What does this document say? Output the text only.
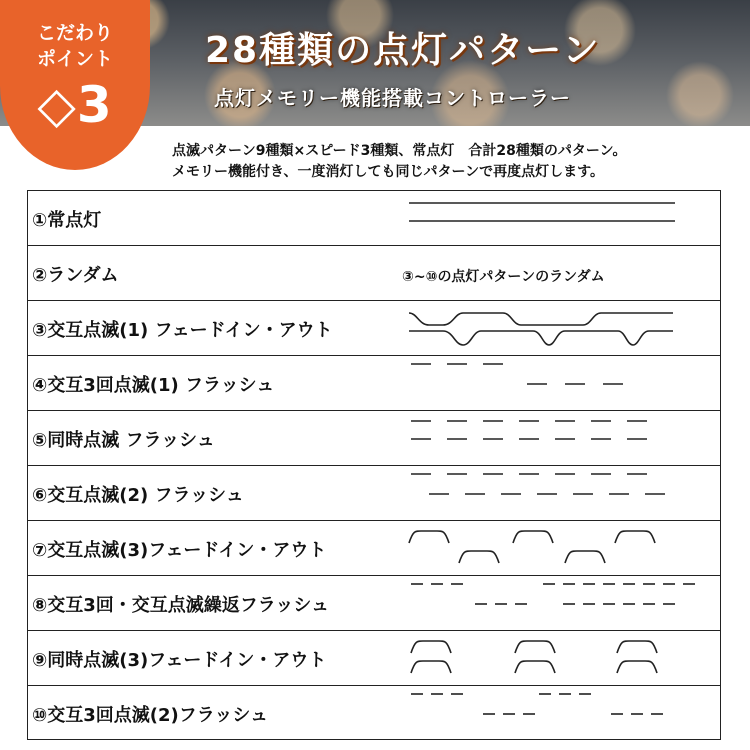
こだわり
ポイント
◇3
28種類の点灯パターン
点灯メモリー機能搭載コントローラー
点滅パターン9種類×スピード3種類、常点灯　合計28種類のパターン。
メモリー機能付き、一度消灯しても同じパターンで再度点灯します。
①常点灯
②ランダム	③~⑩の点灯パターンのランダム
③交互点滅(1) フェードイン・アウト
④交互3回点滅(1) フラッシュ
⑤同時点滅 フラッシュ
⑥交互点滅(2) フラッシュ
⑦交互点滅(3)フェードイン・アウト
⑧交互3回・交互点滅繰返フラッシュ
⑨同時点滅(3)フェードイン・アウト
⑩交互3回点滅(2)フラッシュ
